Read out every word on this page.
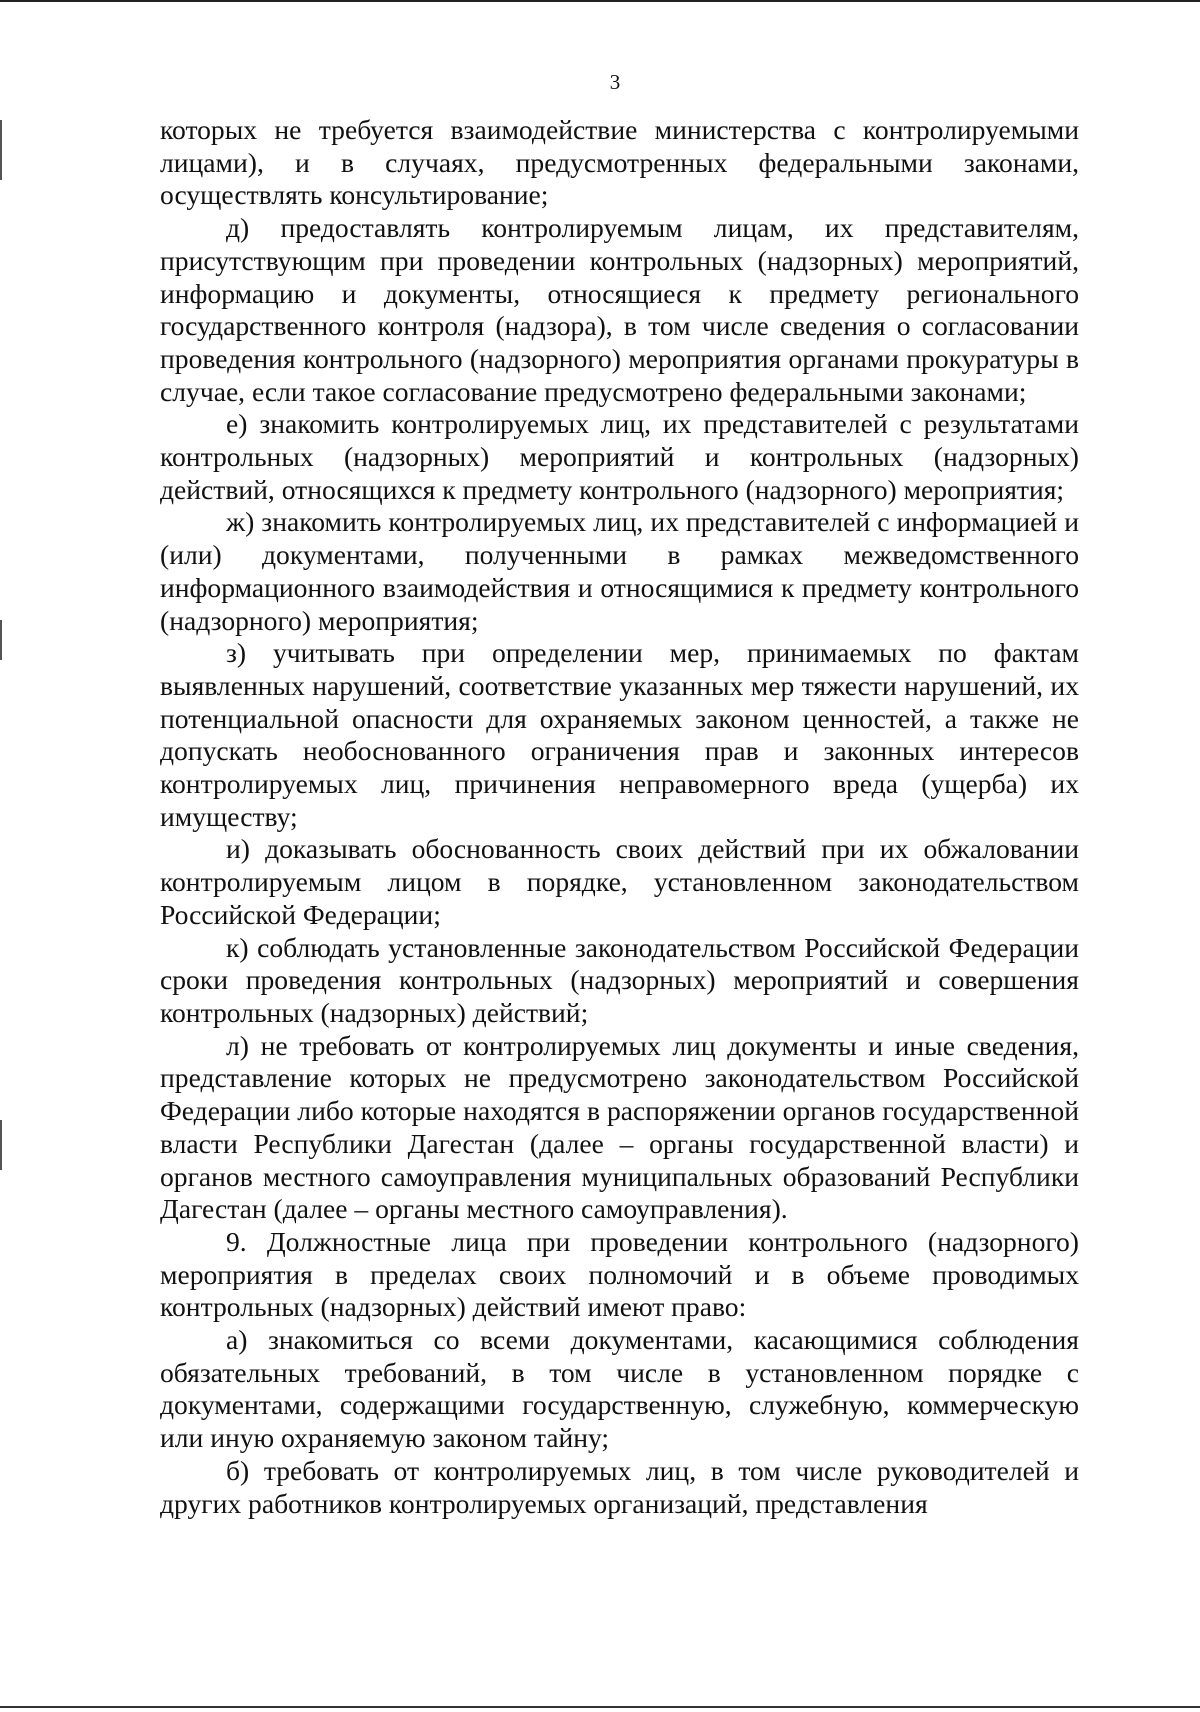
3

которых не требуется взаимодействие министерства с контролируемыми лицами), и в случаях, предусмотренных федеральными законами, осуществлять консультирование;

д) предоставлять контролируемым лицам, их представителям, присутствующим при проведении контрольных (надзорных) мероприятий, информацию и документы, относящиеся к предмету регионального государственного контроля (надзора), в том числе сведения о согласовании проведения контрольного (надзорного) мероприятия органами прокуратуры в случае, если такое согласование предусмотрено федеральными законами;

е) знакомить контролируемых лиц, их представителей с результатами контрольных (надзорных) мероприятий и контрольных (надзорных) действий, относящихся к предмету контрольного (надзорного) мероприятия;

ж) знакомить контролируемых лиц, их представителей с информацией и (или) документами, полученными в рамках межведомственного информационного взаимодействия и относящимися к предмету контрольного (надзорного) мероприятия;

з) учитывать при определении мер, принимаемых по фактам выявленных нарушений, соответствие указанных мер тяжести нарушений, их потенциальной опасности для охраняемых законом ценностей, а также не допускать необоснованного ограничения прав и законных интересов контролируемых лиц, причинения неправомерного вреда (ущерба) их имуществу;

и) доказывать обоснованность своих действий при их обжаловании контролируемым лицом в порядке, установленном законодательством Российской Федерации;

к) соблюдать установленные законодательством Российской Федерации сроки проведения контрольных (надзорных) мероприятий и совершения контрольных (надзорных) действий;

л) не требовать от контролируемых лиц документы и иные сведения, представление которых не предусмотрено законодательством Российской Федерации либо которые находятся в распоряжении органов государственной власти Республики Дагестан (далее – органы государственной власти) и органов местного самоуправления муниципальных образований Республики Дагестан (далее – органы местного самоуправления).

9. Должностные лица при проведении контрольного (надзорного) мероприятия в пределах своих полномочий и в объеме проводимых контрольных (надзорных) действий имеют право:

а) знакомиться со всеми документами, касающимися соблюдения обязательных требований, в том числе в установленном порядке с документами, содержащими государственную, служебную, коммерческую или иную охраняемую законом тайну;

б) требовать от контролируемых лиц, в том числе руководителей и других работников контролируемых организаций, представления
